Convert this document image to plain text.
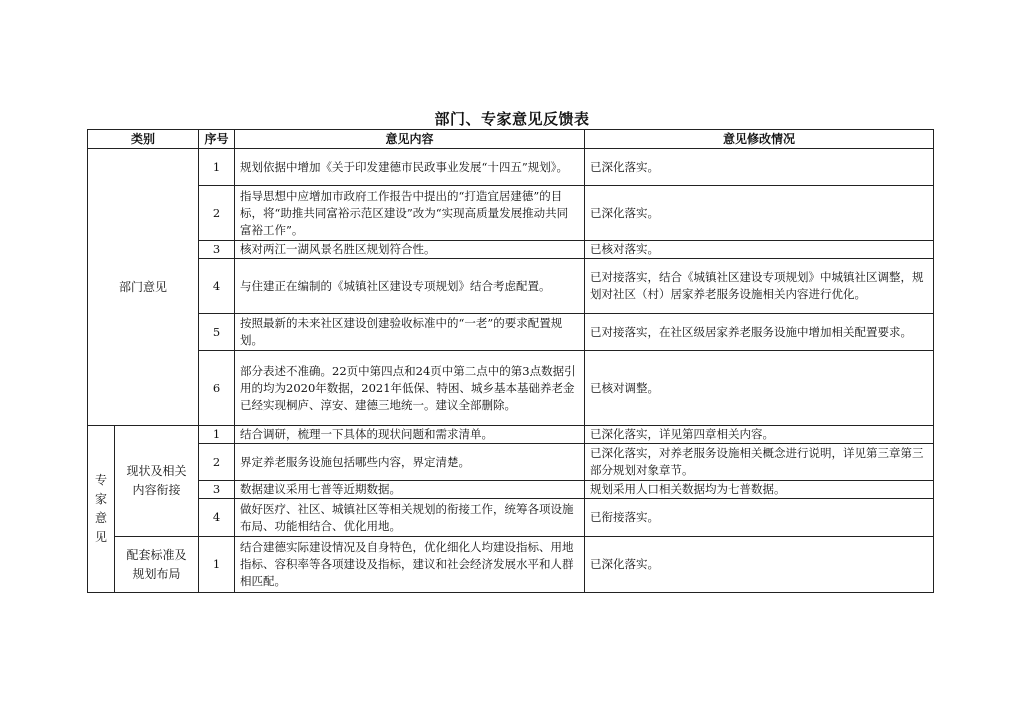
部门、专家意见反馈表
类别		序号	意见内容	意见修改情况
部门意见		1	规划依据中增加《关于印发建德市民政事业发展“十四五”规划》。	已深化落实。
		2	指导思想中应增加市政府工作报告中提出的“打造宜居建德”的目标，将“助推共同富裕示范区建设”改为“实现高质量发展推动共同富裕工作”。	已深化落实。
		3	核对两江一湖风景名胜区规划符合性。	已核对落实。
		4	与住建正在编制的《城镇社区建设专项规划》结合考虑配置。	已对接落实，结合《城镇社区建设专项规划》中城镇社区调整，规划对社区（村）居家养老服务设施相关内容进行优化。
		5	按照最新的未来社区建设创建验收标准中的“一老”的要求配置规划。	已对接落实，在社区级居家养老服务设施中增加相关配置要求。
		6	部分表述不准确。22页中第四点和24页中第二点中的第3点数据引用的均为2020年数据，2021年低保、特困、城乡基本基础养老金已经实现桐庐、淳安、建德三地统一。建议全部删除。	已核对调整。
专家意见	现状及相关内容衔接	1	结合调研，梳理一下具体的现状问题和需求清单。	已深化落实，详见第四章相关内容。
		2	界定养老服务设施包括哪些内容，界定清楚。	已深化落实，对养老服务设施相关概念进行说明，详见第三章第三部分规划对象章节。
		3	数据建议采用七普等近期数据。	规划采用人口相关数据均为七普数据。
		4	做好医疗、社区、城镇社区等相关规划的衔接工作，统筹各项设施布局、功能相结合、优化用地。	已衔接落实。
	配套标准及规划布局	1	结合建德实际建设情况及自身特色，优化细化人均建设指标、用地指标、容积率等各项建设及指标，建议和社会经济发展水平和人群相匹配。	已深化落实。
